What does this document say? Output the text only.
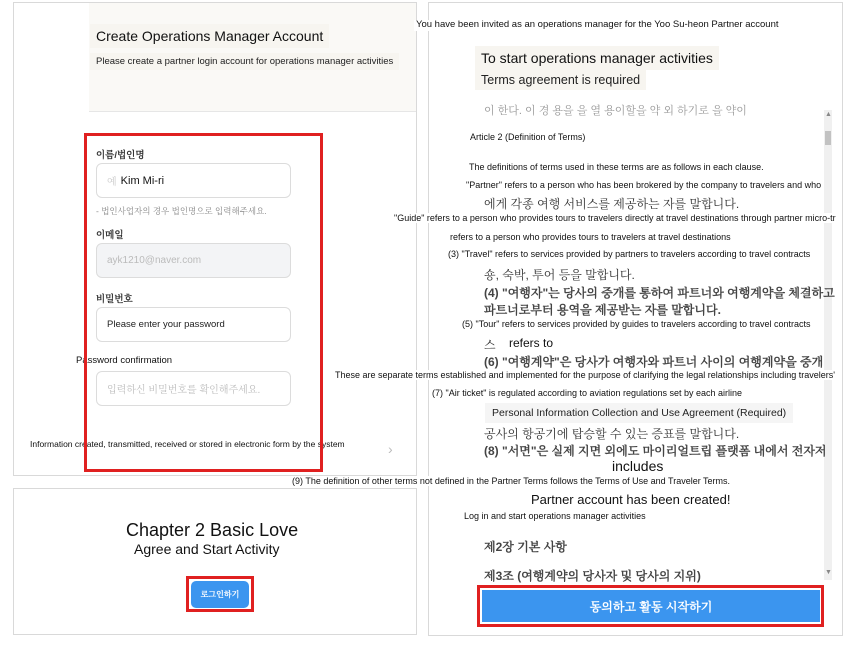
Create Operations Manager Account
Please create a partner login account for operations manager activities
이름/법인명
예 Kim Mi-ri
- 법인사업자의 경우 법인명으로 입력해주세요.
이메일
ayk1210@naver.com
비밀번호
Please enter your password
Password confirmation
입력하신 비밀번호를 확인해주세요.
Information created, transmitted, received or stored in electronic form by the system	›
Chapter 2 Basic Love
Agree and Start Activity
로그인하기
You have been invited as an operations manager for the Yoo Su-heon Partner account
To start operations manager activities
Terms agreement is required
▲
▼
이 한다. 이 경 용을 을 열 용이할을 약 외 하기로 을 약이
Article 2 (Definition of Terms)
The definitions of terms used in these terms are as follows in each clause.
"Partner" refers to a person who has been brokered by the company to travelers and who
에게 각종 여행 서비스를 제공하는 자를 말합니다.
"Guide" refers to a person who provides tours to travelers directly at travel destinations through partner micro-tr
refers to a person who provides tours to travelers at travel destinations
(3) "Travel" refers to services provided by partners to travelers according to travel contracts
숑, 숙박, 투어 등을 말합니다.
(4) "여행자"는 당사의 중개를 통하여 파트너와 여행계약을 체결하고
파트너로부터 용역을 제공받는 자를 말합니다.
(5) "Tour" refers to services provided by guides to travelers according to travel contracts
스 refers to
(6) "여행계약"은 당사가 여행자와 파트너 사이의 여행계약을 중개
These are separate terms established and implemented for the purpose of clarifying the legal relationships including travelers'
(7) "Air ticket" is regulated according to aviation regulations set by each airline
Personal Information Collection and Use Agreement (Required)
공사의 항공기에 탑승할 수 있는 증표를 말합니다.
(8) "서면"은 실제 지면 외에도 마이리얼트립 플랫폼 내에서 전자저
includes
(9) The definition of other terms not defined in the Partner Terms follows the Terms of Use and Traveler Terms.
Partner account has been created!
Log in and start operations manager activities
제2장 기본 사항
제3조 (여행계약의 당사자 및 당사의 지위)
동의하고 활동 시작하기
